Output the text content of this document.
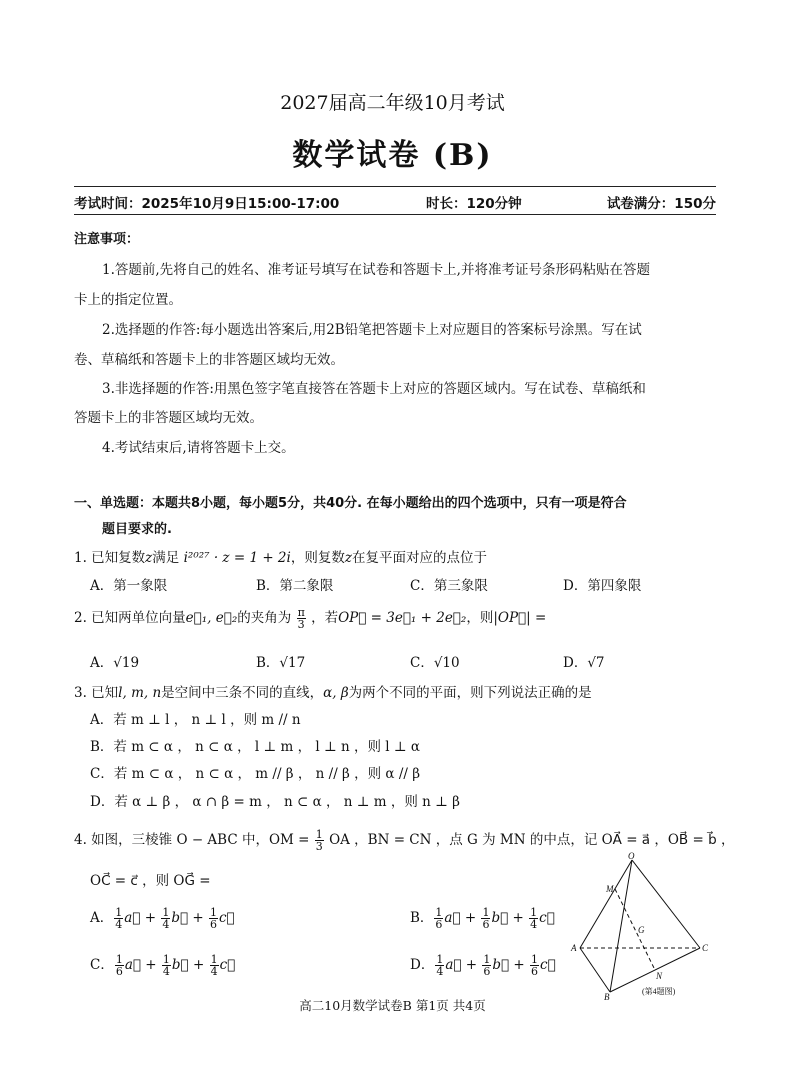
2027届高二年级10月考试
数学试卷 (B)
考试时间：2025年10月9日15:00-17:00	时长：120分钟	试卷满分：150分
注意事项：
1.答题前,先将自己的姓名、准考证号填写在试卷和答题卡上,并将准考证号条形码粘贴在答题
卡上的指定位置。
2.选择题的作答:每小题选出答案后,用2B铅笔把答题卡上对应题目的答案标号涂黑。写在试
卷、草稿纸和答题卡上的非答题区域均无效。
3.非选择题的作答:用黑色签字笔直接答在答题卡上对应的答题区域内。写在试卷、草稿纸和
答题卡上的非答题区域均无效。
4.考试结束后,请将答题卡上交。
一、单选题：本题共8小题，每小题5分，共40分. 在每小题给出的四个选项中，只有一项是符合
题目要求的.
1. 已知复数z满足 i²⁰²⁷ · z = 1 + 2i，则复数z在复平面对应的点位于
A．第一象限	B．第二象限	C．第三象限	D．第四象限
2. 已知两单位向量e⃗₁, e⃗₂的夹角为 $\frac{\pi}{3}$ ，若OP⃗ = 3e⃗₁ + 2e⃗₂，则|OP⃗| =
A．√19	B．√17	C．√10	D．√7
3. 已知l, m, n是空间中三条不同的直线，α, β为两个不同的平面，则下列说法正确的是
A．若 m ⊥ l ， n ⊥ l ，则 m // n
B．若 m ⊂ α ， n ⊂ α ， l ⊥ m ， l ⊥ n ，则 l ⊥ α
C．若 m ⊂ α ， n ⊂ α ， m // β ， n // β ，则 α // β
D．若 α ⊥ β ， α ∩ β = m ， n ⊂ α ， n ⊥ m ，则 n ⊥ β
4. 如图，三棱锥 O − ABC 中，OM = $\frac{1}{3}$ OA ，BN = CN ，点 G 为 MN 的中点，记 OA⃗ = a⃗ ，OB⃗ = b⃗ ，
OC⃗ = c⃗ ，则 OG⃗ =
A． $\frac{1}{4}$ a⃗ + $\frac{1}{4}$ b⃗ + $\frac{1}{6}$ c⃗	B． $\frac{1}{6}$ a⃗ + $\frac{1}{6}$ b⃗ + $\frac{1}{4}$ c⃗
C． $\frac{1}{6}$ a⃗ + $\frac{1}{4}$ b⃗ + $\frac{1}{4}$ c⃗	D． $\frac{1}{4}$ a⃗ + $\frac{1}{6}$ b⃗ + $\frac{1}{6}$ c⃗
O
M
G
A	C
N
B
(第4题图)
高二10月数学试卷B 第1页 共4页
